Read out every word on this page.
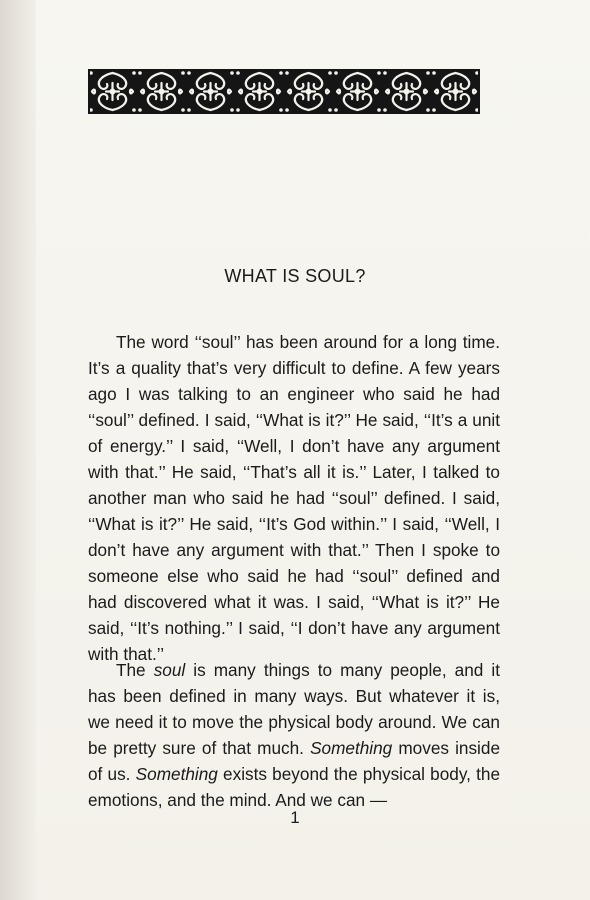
WHAT IS SOUL?

The word ‘‘soul’’ has been around for a long time. It’s a quality that’s very difficult to define. A few years ago I was talking to an engineer who said he had ‘‘soul’’ defined. I said, ‘‘What is it?’’ He said, ‘‘It’s a unit of energy.’’ I said, ‘‘Well, I don’t have any argument with that.’’ He said, ‘‘That’s all it is.’’ Later, I talked to another man who said he had ‘‘soul’’ defined. I said, ‘‘What is it?’’ He said, ‘‘It’s God within.’’ I said, ‘‘Well, I don’t have any argument with that.’’ Then I spoke to someone else who said he had ‘‘soul’’ defined and had discovered what it was. I said, ‘‘What is it?’’ He said, ‘‘It’s nothing.’’ I said, ‘‘I don’t have any argument with that.’’

The soul is many things to many people, and it has been defined in many ways. But whatever it is, we need it to move the physical body around. We can be pretty sure of that much. Something moves inside of us. Something exists beyond the physical body, the emotions, and the mind. And we can —

1
